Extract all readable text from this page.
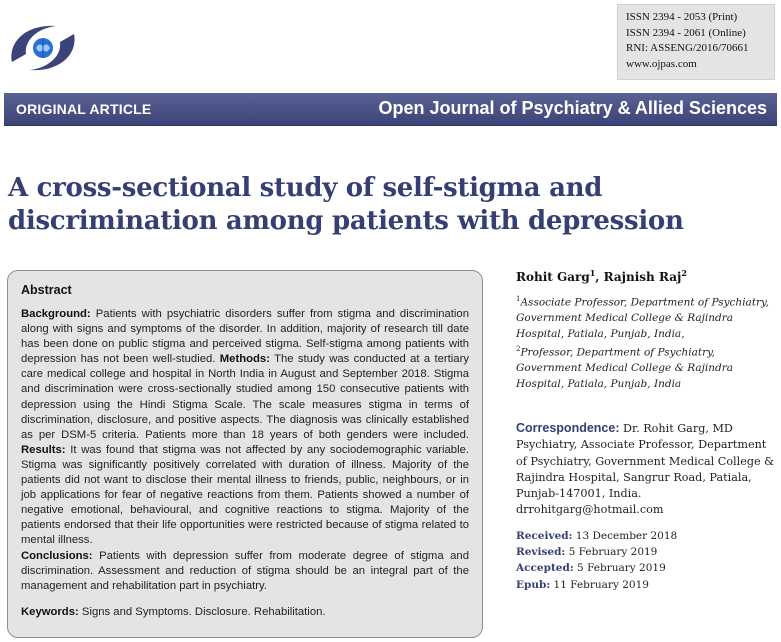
ISSN 2394 - 2053 (Print)
ISSN 2394 - 2061 (Online)
RNI: ASSENG/2016/70661
www.ojpas.com
ORIGINAL ARTICLE	Open Journal of Psychiatry & Allied Sciences
A cross-sectional study of self-stigma and discrimination among patients with depression
Abstract

Background: Patients with psychiatric disorders suffer from stigma and discrimination along with signs and symptoms of the disorder. In addition, majority of research till date has been done on public stigma and perceived stigma. Self-stigma among patients with depression has not been well-studied. Methods: The study was conducted at a tertiary care medical college and hospital in North India in August and September 2018. Stigma and discrimination were cross-sectionally studied among 150 consecutive patients with depression using the Hindi Stigma Scale. The scale measures stigma in terms of discrimination, disclosure, and positive aspects. The diagnosis was clinically established as per DSM-5 criteria. Patients more than 18 years of both genders were included. Results: It was found that stigma was not affected by any sociodemographic variable. Stigma was significantly positively correlated with duration of illness. Majority of the patients did not want to disclose their mental illness to friends, public, neighbours, or in job applications for fear of negative reactions from them. Patients showed a number of negative emotional, behavioural, and cognitive reactions to stigma. Majority of the patients endorsed that their life opportunities were restricted because of stigma related to mental illness.
Conclusions: Patients with depression suffer from moderate degree of stigma and discrimination. Assessment and reduction of stigma should be an integral part of the management and rehabilitation part in psychiatry.

Keywords: Signs and Symptoms. Disclosure. Rehabilitation.

Rohit Garg$^1$, Rajnish Raj$^2$
$^1$Associate Professor, Department of Psychiatry, Government Medical College & Rajindra Hospital, Patiala, Punjab, India,
$^2$Professor, Department of Psychiatry, Government Medical College & Rajindra Hospital, Patiala, Punjab, India
Correspondence: Dr. Rohit Garg, MD Psychiatry, Associate Professor, Department of Psychiatry, Government Medical College & Rajindra Hospital, Sangrur Road, Patiala, Punjab-147001, India.
drrohitgarg@hotmail.com
Received: 13 December 2018
Revised: 5 February 2019
Accepted: 5 February 2019
Epub: 11 February 2019
